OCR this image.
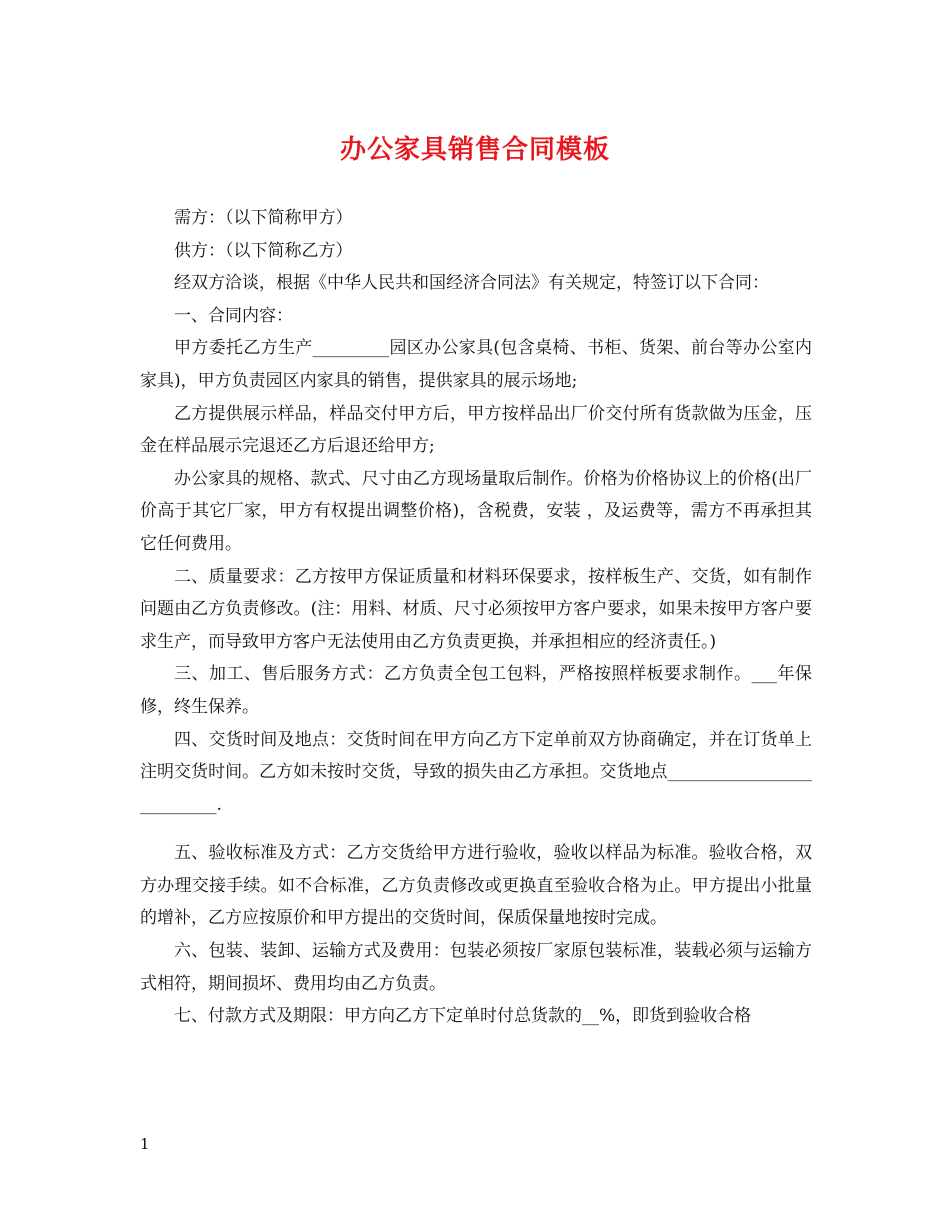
办公家具销售合同模板

需方：（以下简称甲方）

供方：（以下简称乙方）

经双方洽谈，根据《中华人民共和国经济合同法》有关规定，特签订以下合同：

一、合同内容：

甲方委托乙方生产_________园区办公家具(包含桌椅、书柜、货架、前台等办公室内家具)，甲方负责园区内家具的销售，提供家具的展示场地;

乙方提供展示样品，样品交付甲方后，甲方按样品出厂价交付所有货款做为压金，压金在样品展示完退还乙方后退还给甲方;

办公家具的规格、款式、尺寸由乙方现场量取后制作。价格为价格协议上的价格(出厂价高于其它厂家，甲方有权提出调整价格)，含税费，安装 ，及运费等，需方不再承担其它任何费用。

二、质量要求：乙方按甲方保证质量和材料环保要求，按样板生产、交货，如有制作问题由乙方负责修改。(注：用料、材质、尺寸必须按甲方客户要求，如果未按甲方客户要求生产，而导致甲方客户无法使用由乙方负责更换，并承担相应的经济责任。)

三、加工、售后服务方式：乙方负责全包工包料，严格按照样板要求制作。___年保修，终生保养。

四、交货时间及地点：交货时间在甲方向乙方下定单前双方协商确定，并在订货单上注明交货时间。乙方如未按时交货，导致的损失由乙方承担。交货地点__________________________.

五、验收标准及方式：乙方交货给甲方进行验收，验收以样品为标准。验收合格，双方办理交接手续。如不合标准，乙方负责修改或更换直至验收合格为止。甲方提出小批量的增补，乙方应按原价和甲方提出的交货时间，保质保量地按时完成。

六、包装、装卸、运输方式及费用：包装必须按厂家原包装标准，装载必须与运输方式相符，期间损坏、费用均由乙方负责。

七、付款方式及期限：甲方向乙方下定单时付总货款的__%，即货到验收合格

1
